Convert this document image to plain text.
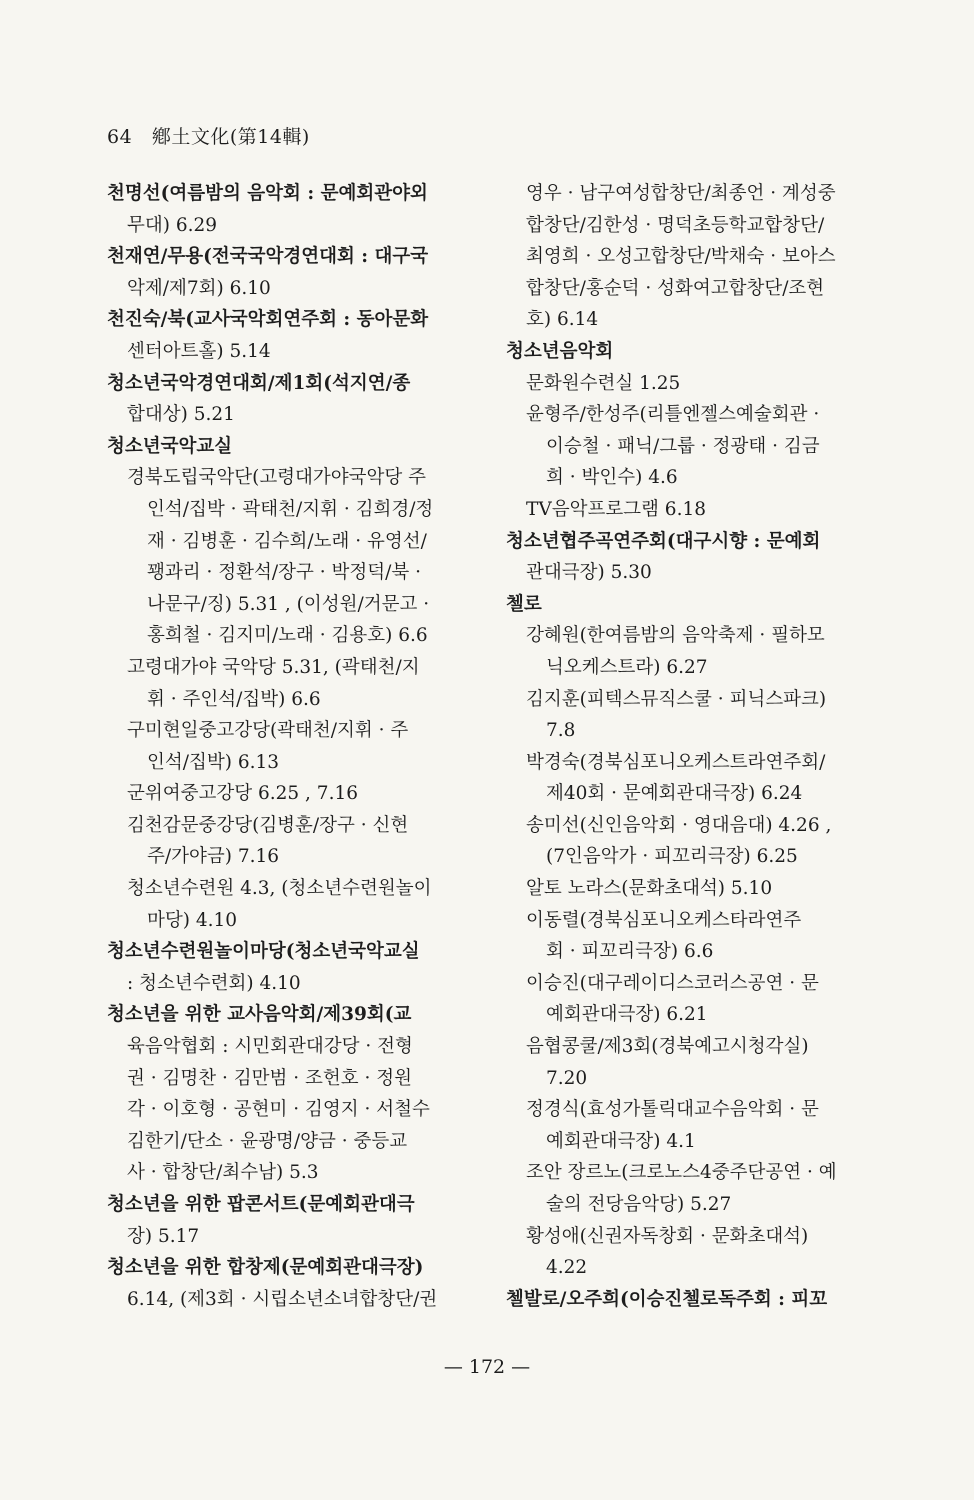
64 鄕土文化(第14輯)
천명선(여름밤의 음악회 : 문예회관야외
무대) 6.29
천재연/무용(전국국악경연대회 : 대구국
악제/제7회) 6.10
천진숙/북(교사국악회연주회 : 동아문화
센터아트홀) 5.14
청소년국악경연대회/제1회(석지연/종
합대상) 5.21
청소년국악교실
경북도립국악단(고령대가야국악당 주
인석/집박 · 곽태천/지휘 · 김희경/정
재 · 김병훈 · 김수희/노래 · 유영선/
꽹과리 · 정환석/장구 · 박정덕/북 ·
나문구/징) 5.31 , (이성원/거문고 ·
홍희철 · 김지미/노래 · 김용호) 6.6
고령대가야 국악당 5.31, (곽태천/지
휘 · 주인석/집박) 6.6
구미현일중고강당(곽태천/지휘 · 주
인석/집박) 6.13
군위여중고강당 6.25 , 7.16
김천감문중강당(김병훈/장구 · 신현
주/가야금) 7.16
청소년수련원 4.3, (청소년수련원놀이
마당) 4.10
청소년수련원놀이마당(청소년국악교실
: 청소년수련회) 4.10
청소년을 위한 교사음악회/제39회(교
육음악협회 : 시민회관대강당 · 전형
권 · 김명찬 · 김만범 · 조헌호 · 정원
각 · 이호형 · 공현미 · 김영지 · 서철수
김한기/단소 · 윤광명/양금 · 중등교
사 · 합창단/최수남) 5.3
청소년을 위한 팝콘서트(문예회관대극
장) 5.17
청소년을 위한 합창제(문예회관대극장)
6.14, (제3회 · 시립소년소녀합창단/권
영우 · 남구여성합창단/최종언 · 계성중
합창단/김한성 · 명덕초등학교합창단/
최영희 · 오성고합창단/박채숙 · 보아스
합창단/홍순덕 · 성화여고합창단/조현
호) 6.14
청소년음악회
문화원수련실 1.25
윤형주/한성주(리틀엔젤스예술회관 ·
이승철 · 패닉/그룹 · 정광태 · 김금
희 · 박인수) 4.6
TV음악프로그램 6.18
청소년협주곡연주회(대구시향 : 문예회
관대극장) 5.30
첼로
강혜원(한여름밤의 음악축제 · 필하모
닉오케스트라) 6.27
김지훈(피텍스뮤직스쿨 · 피닉스파크)
7.8
박경숙(경북심포니오케스트라연주회/
제40회 · 문예회관대극장) 6.24
송미선(신인음악회 · 영대음대) 4.26 ,
(7인음악가 · 피꼬리극장) 6.25
알토 노라스(문화초대석) 5.10
이동렬(경북심포니오케스타라연주
회 · 피꼬리극장) 6.6
이승진(대구레이디스코러스공연 · 문
예회관대극장) 6.21
음협콩쿨/제3회(경북예고시청각실)
7.20
정경식(효성가톨릭대교수음악회 · 문
예회관대극장) 4.1
조안 장르노(크로노스4중주단공연 · 예
술의 전당음악당) 5.27
황성애(신권자독창회 · 문화초대석)
4.22
첼발로/오주희(이승진첼로독주회 : 피꼬
— 172 —
